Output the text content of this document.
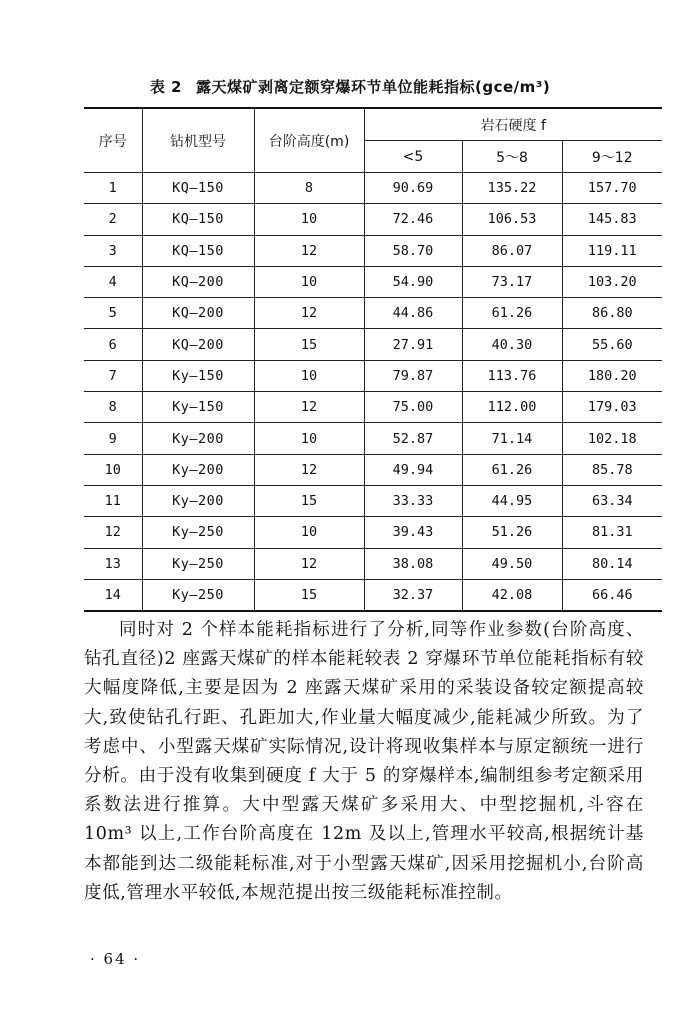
表 2 露天煤矿剥离定额穿爆环节单位能耗指标(gce/m³)
序号	钻机型号	台阶高度(m)	岩石硬度 f		
			<5	5～8	9～12
1	KQ—150	8	90.69	135.22	157.70
2	KQ—150	10	72.46	106.53	145.83
3	KQ—150	12	58.70	86.07	119.11
4	KQ—200	10	54.90	73.17	103.20
5	KQ—200	12	44.86	61.26	86.80
6	KQ—200	15	27.91	40.30	55.60
7	Ky—150	10	79.87	113.76	180.20
8	Ky—150	12	75.00	112.00	179.03
9	Ky—200	10	52.87	71.14	102.18
10	Ky—200	12	49.94	61.26	85.78
11	Ky—200	15	33.33	44.95	63.34
12	Ky—250	10	39.43	51.26	81.31
13	Ky—250	12	38.08	49.50	80.14
14	Ky—250	15	32.37	42.08	66.46
同时对 2 个样本能耗指标进行了分析,同等作业参数(台阶高度、钻孔直径)2 座露天煤矿的样本能耗较表 2 穿爆环节单位能耗指标有较大幅度降低,主要是因为 2 座露天煤矿采用的采装设备较定额提高较大,致使钻孔行距、孔距加大,作业量大幅度减少,能耗减少所致。为了考虑中、小型露天煤矿实际情况,设计将现收集样本与原定额统一进行分析。由于没有收集到硬度 f 大于 5 的穿爆样本,编制组参考定额采用系数法进行推算。大中型露天煤矿多采用大、中型挖掘机,斗容在 10m³ 以上,工作台阶高度在 12m 及以上,管理水平较高,根据统计基本都能到达二级能耗标准,对于小型露天煤矿,因采用挖掘机小,台阶高度低,管理水平较低,本规范提出按三级能耗标准控制。
· 64 ·
